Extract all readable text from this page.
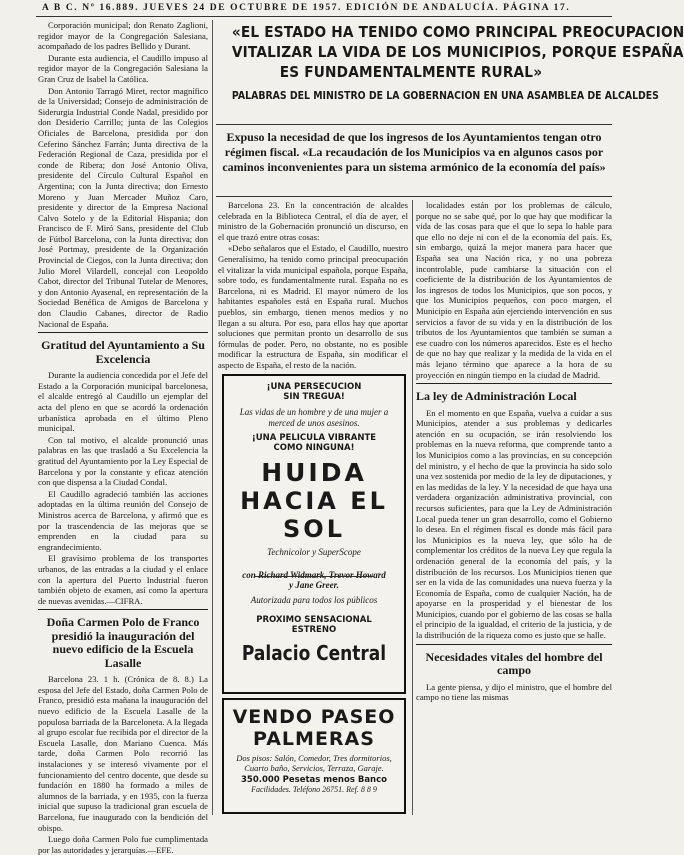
A B C. Nº 16.889. JUEVES 24 DE OCTUBRE DE 1957. EDICIÓN DE ANDALUCÍA. PÁGINA 17.

Corporación municipal; don Renato Zaglioni, regidor mayor de la Congregación Salesiana, acompañado de los padres Bellido y Durant.

Durante esta audiencia, el Caudillo impuso al regidor mayor de la Congregación Salesiana la Gran Cruz de Isabel la Católica.

Don Antonio Tarragó Miret, rector magnífico de la Universidad; Consejo de administración de Siderurgia Industrial Conde Nadal, presidido por don Desiderio Carrillo; junta de las Colegios Oficiales de Barcelona, presidida por don Ceferino Sánchez Farrán; Junta directiva de la Federación Regional de Caza, presidida por el conde de Ribera; don José Antonio Oliva, presidente del Círculo Cultural Español en Argentina; con la Junta directiva; don Ernesto Moreno y Juan Mercader Muñoz Caro, presidente y director de la Empresa Nacional Calvo Sotelo y de la Editorial Hispania; don Francisco de F. Miró Sans, presidente del Club de Fútbol Barcelona, con la Junta directiva; don José Portmay, presidente de la Organización Provincial de Ciegos, con la Junta directiva; don Julio Morel Vilardell, concejal con Leopoldo Cabot, director del Tribunal Tutelar de Menores, y don Antonio Ayasenal, en representación de la Sociedad Benéfica de Amigos de Barcelona y don Claudio Cabanes, director de Radio Nacional de España.

Gratitud del Ayuntamiento a Su Excelencia

Durante la audiencia concedida por el Jefe del Estado a la Corporación municipal barcelonesa, el alcalde entregó al Caudillo un ejemplar del acta del pleno en que se acordó la ordenación urbanística aprobada en el último Pleno municipal.

Con tal motivo, el alcalde pronunció unas palabras en las que trasladó a Su Excelencia la gratitud del Ayuntamiento por la Ley Especial de Barcelona y por la constante y eficaz atención con que dispensa a la Ciudad Condal.

El Caudillo agradeció también las acciones adoptadas en la última reunión del Consejo de Ministros acerca de Barcelona, y afirmó que es por la trascendencia de las mejoras que se emprenden en la ciudad para su engrandecimiento.

El gravísimo problema de los transportes urbanos, de las entradas a la ciudad y el enlace con la apertura del Puerto Industrial fueron también objeto de examen, así como la apertura de nuevas avenidas.—CIFRA.

Doña Carmen Polo de Franco presidió la inauguración del nuevo edificio de la Escuela Lasalle

Barcelona 23. 1 h. (Crónica de 8. 8.) La esposa del Jefe del Estado, doña Carmen Polo de Franco, presidió esta mañana la inauguración del nuevo edificio de la Escuela Lasalle de la populosa barriada de la Barceloneta. A la llegada al grupo escolar fue recibida por el director de la Escuela Lasalle, don Mariano Cuenca. Más tarde, doña Carmen Polo recorrió las instalaciones y se interesó vivamente por el funcionamiento del centro docente, que desde su fundación en 1880 ha formado a miles de alumnos de la barriada, y en 1935, con la fuerza inicial que supuso la tradicional gran escuela de Barcelona, fue inaugurado con la bendición del obispo.

Luego doña Carmen Polo fue cumplimentada por las autoridades y jerarquías.—EFE.

«EL ESTADO HA TENIDO COMO PRINCIPAL PREOCUPACION
VITALIZAR LA VIDA DE LOS MUNICIPIOS, PORQUE ESPAÑA
ES FUNDAMENTALMENTE RURAL»
PALABRAS DEL MINISTRO DE LA GOBERNACION EN UNA ASAMBLEA DE ALCALDES
Expuso la necesidad de que los ingresos de los Ayuntamientos tengan otro régimen fiscal. «La recaudación de los Municipios va en algunos casos por caminos inconvenientes para un sistema armónico de la economía del país»

Barcelona 23. En la concentración de alcaldes celebrada en la Biblioteca Central, el día de ayer, el ministro de la Gobernación pronunció un discurso, en el que trazó entre otras cosas:

«Debo señalaros que el Estado, el Caudillo, nuestro Generalísimo, ha tenido como principal preocupación el vitalizar la vida municipal española, porque España, sobre todo, es fundamentalmente rural. España no es Barcelona, ni es Madrid. El mayor número de los habitantes españoles está en España rural. Muchos pueblos, sin embargo, tienen menos medios y no llegan a su altura. Por eso, para ellos hay que aportar soluciones que permitan pronto un desarrollo de sus fórmulas de poder. Pero, no obstante, no es posible modificar la estructura de España, sin modificar el aspecto de España, el resto de la nación.

localidades están por los problemas de cálculo, porque no se sabe qué, por lo que hay que modificar la vida de las cosas para que el que lo sepa lo hable para que ello no deje ni con el de la economía del país. Es, sin embargo, quizá la mejor manera para hacer que España sea una Nación rica, y no una pobreza incontrolable, pude cambiarse la situación con el coeficiente de la distribución de los Ayuntamientos de los ingresos de todos los Municipios, que son pocos, y que los Municipios pequeños, con poco margen, el Municipio en España aún ejerciendo intervención en sus servicios a favor de su vida y en la distribución de los tributos de los Ayuntamientos que también se suman a ese cuadro con los números aparecidos. Este es el hecho de que no hay que realizar y la medida de la vida en el más lejano término que aparece a la hora de su proyección en ningún tiempo en la ciudad de Madrid.

La ley de Administración Local

En el momento en que España, vuelva a cuidar a sus Municipios, atender a sus problemas y dedicarles atención en su ocupación, se irán resolviendo los problemas en la nueva reforma, que comprende tanto a los Municipios como a las provincias, en su concepción del ministro, y el hecho de que la provincia ha sido solo una vez sostenida por medio de la ley de diputaciones, y en las medidas de la ley. Y la necesidad de que haya una verdadera organización administrativa provincial, con recursos suficientes, para que la Ley de Administración Local pueda tener un gran desarrollo, como el Gobierno lo desea. En el régimen fiscal es donde más fácil para los Municipios es la nueva ley, que sólo ha de complementar los créditos de la nueva Ley que regula la ordenación general de la economía del país, y la distribución de los recursos. Los Municipios tienen que ser en la vida de las comunidades una nueva fuerza y la Economía de España, como de cualquier Nación, ha de apoyarse en la prosperidad y el bienestar de los Municipios, cuando por el gobierno de las cosas se halla el principio de la igualdad, el criterio de la justicia, y de la distribución de la riqueza como es justo que se halle.

Necesidades vitales del hombre del campo

La gente piensa, y dijo el ministro, que el hombre del campo no tiene las mismas

¡UNA PERSECUCION
SIN TREGUA!
Las vidas de un hombre y de una mujer a merced de unos asesinos.
¡UNA PELICULA VIBRANTE
COMO NINGUNA!
HUIDA
HACIA EL SOL
Technicolor y SuperScope
con Richard Widmark, Trevor Howard y Jane Greer.
Autorizada para todos los públicos
PROXIMO SENSACIONAL
ESTRENO
Palacio Central
VENDO PASEO
PALMERAS
Dos pisos: Salón, Comedor, Tres dormitorios, Cuarto baño, Servicios, Terraza, Garaje.
350.000 Pesetas menos Banco
Facilidades. Teléfono 26751. Ref. 8 8 9
